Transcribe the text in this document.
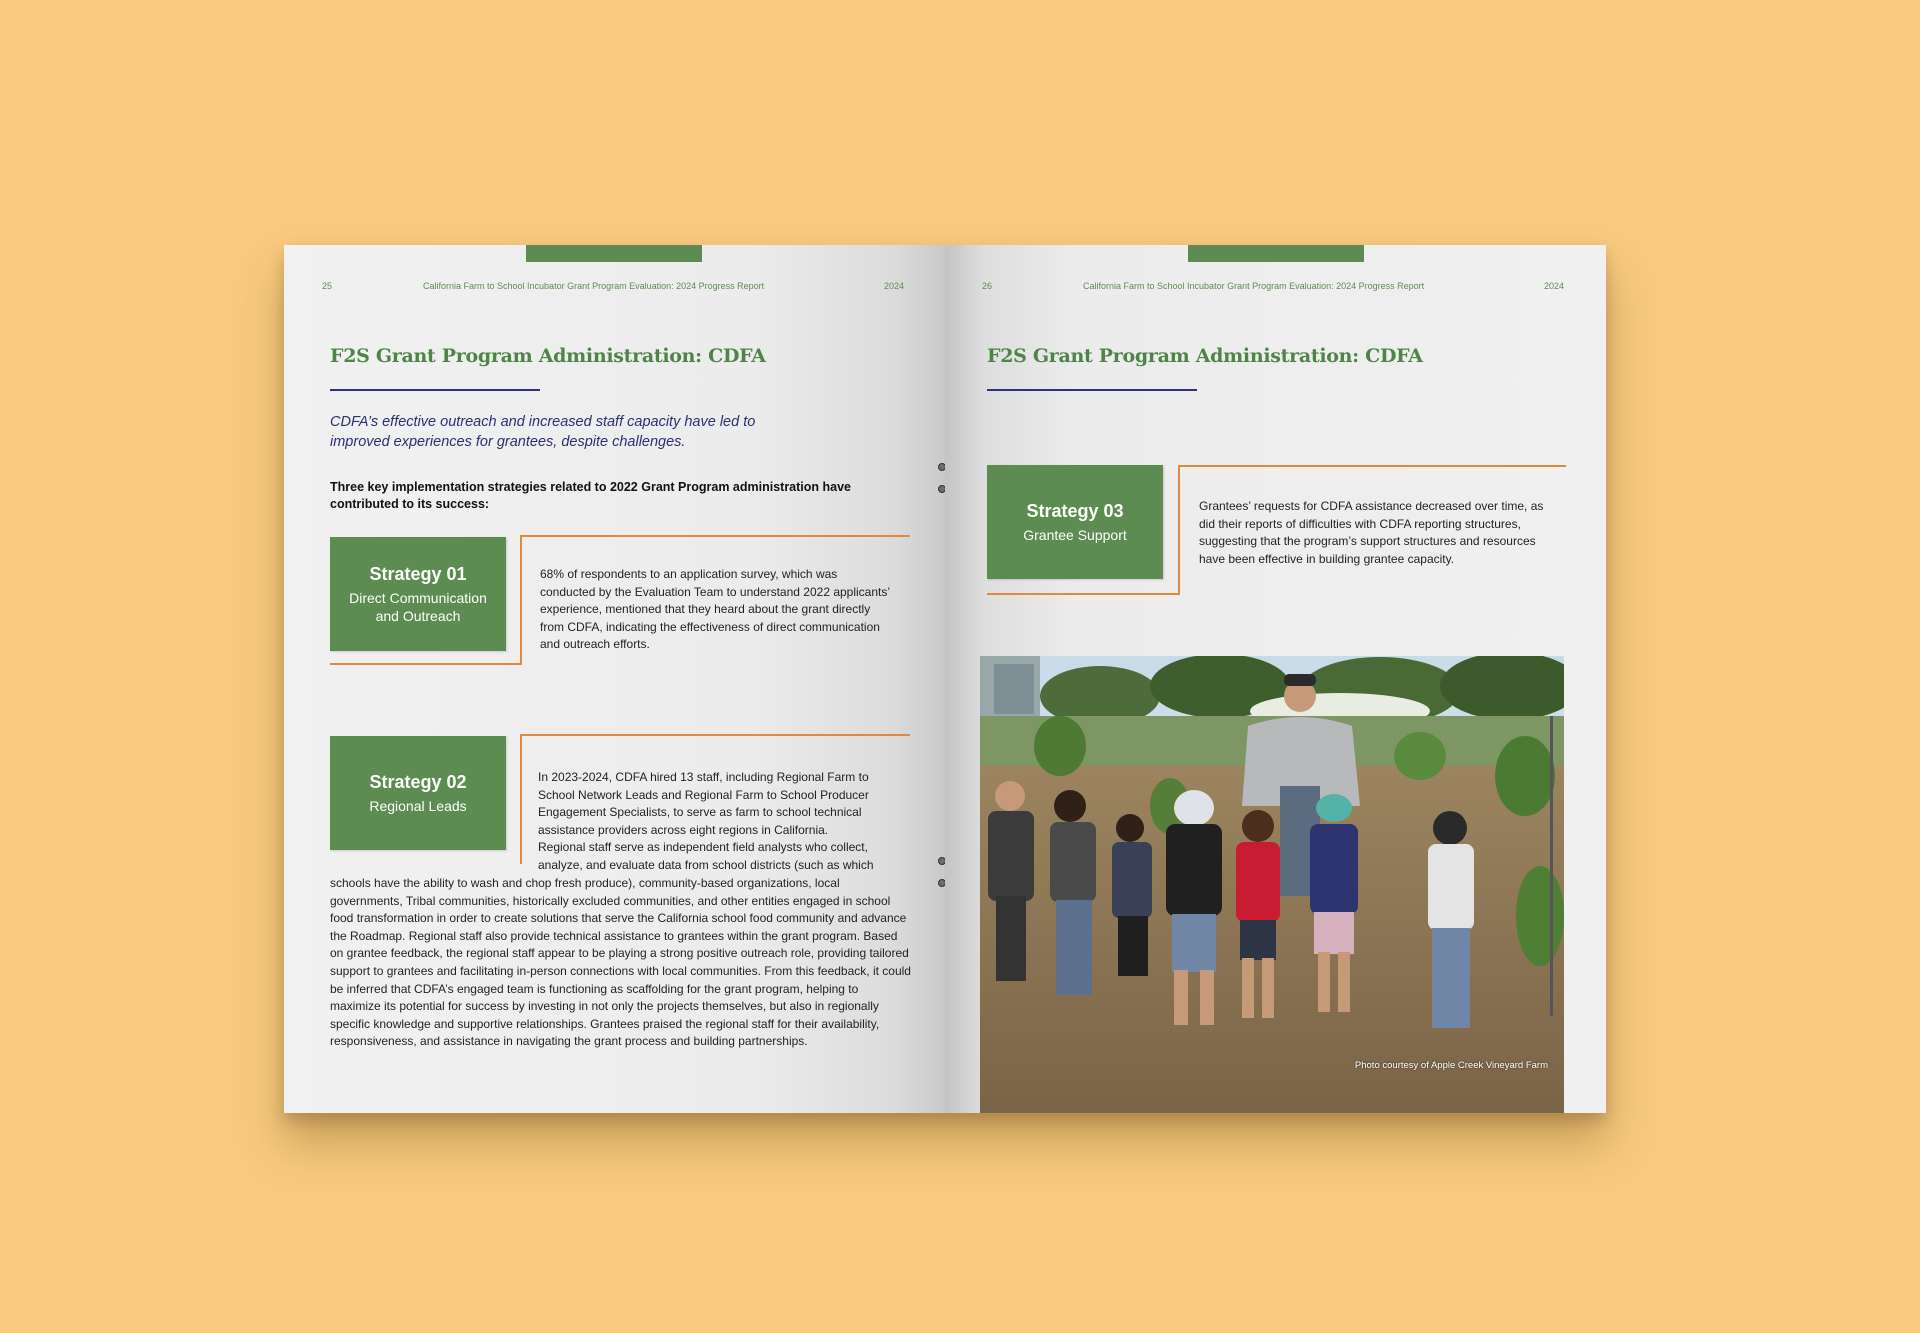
25	California Farm to School Incubator Grant Program Evaluation: 2024 Progress Report	2024
F2S Grant Program Administration: CDFA
CDFA’s effective outreach and increased staff capacity have led to improved experiences for grantees, despite challenges.
Three key implementation strategies related to 2022 Grant Program administration have contributed to its success:
Strategy 01
Direct Communication and Outreach
68% of respondents to an application survey, which was conducted by the Evaluation Team to understand 2022 applicants’ experience, mentioned that they heard about the grant directly from CDFA, indicating the effectiveness of direct communication and outreach efforts.
Strategy 02
Regional Leads
In 2023-2024, CDFA hired 13 staff, including Regional Farm to
School Network Leads and Regional Farm to School Producer
Engagement Specialists, to serve as farm to school technical
assistance providers across eight regions in California.
Regional staff serve as independent field analysts who collect,
analyze, and evaluate data from school districts (such as which
schools have the ability to wash and chop fresh produce), community-based organizations, local governments, Tribal communities, historically excluded communities, and other entities engaged in school food transformation in order to create solutions that serve the California school food community and advance the Roadmap. Regional staff also provide technical assistance to grantees within the grant program. Based on grantee feedback, the regional staff appear to be playing a strong positive outreach role, providing tailored support to grantees and facilitating in-person connections with local communities. From this feedback, it could be inferred that CDFA’s engaged team is functioning as scaffolding for the grant program, helping to maximize its potential for success by investing in not only the projects themselves, but also in regionally specific knowledge and supportive relationships. Grantees praised the regional staff for their availability, responsiveness, and assistance in navigating the grant process and building partnerships.
26	California Farm to School Incubator Grant Program Evaluation: 2024 Progress Report	2024
F2S Grant Program Administration: CDFA
Strategy 03
Grantee Support
Grantees’ requests for CDFA assistance decreased over time, as did their reports of difficulties with CDFA reporting structures, suggesting that the program’s support structures and resources have been effective in building grantee capacity.
Photo courtesy of Apple Creek Vineyard Farm
